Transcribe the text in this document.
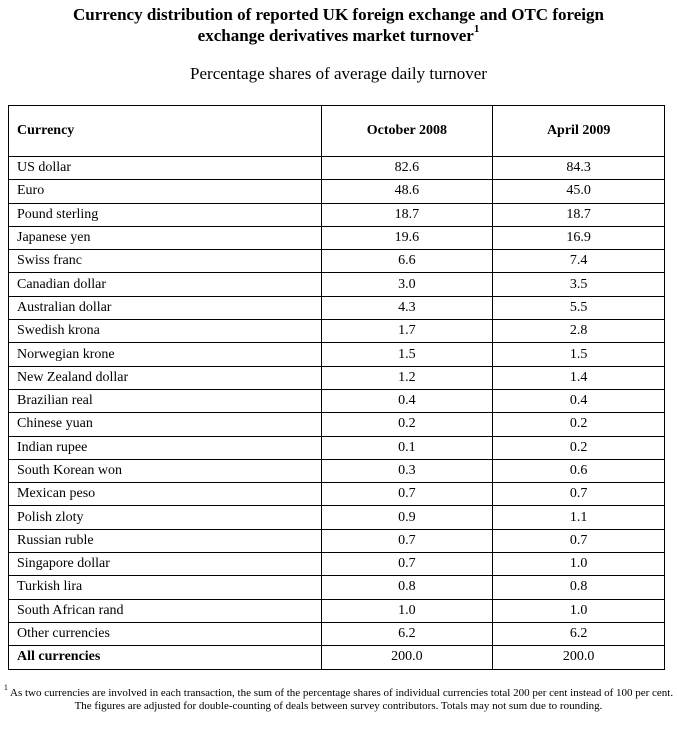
Currency distribution of reported UK foreign exchange and OTC foreign
exchange derivatives market turnover$^1$
Percentage shares of average daily turnover
Currency	October 2008	April 2009
US dollar	82.6	84.3
Euro	48.6	45.0
Pound sterling	18.7	18.7
Japanese yen	19.6	16.9
Swiss franc	6.6	7.4
Canadian dollar	3.0	3.5
Australian dollar	4.3	5.5
Swedish krona	1.7	2.8
Norwegian krone	1.5	1.5
New Zealand dollar	1.2	1.4
Brazilian real	0.4	0.4
Chinese yuan	0.2	0.2
Indian rupee	0.1	0.2
South Korean won	0.3	0.6
Mexican peso	0.7	0.7
Polish zloty	0.9	1.1
Russian ruble	0.7	0.7
Singapore dollar	0.7	1.0
Turkish lira	0.8	0.8
South African rand	1.0	1.0
Other currencies	6.2	6.2
All currencies	200.0	200.0
$^1$ As two currencies are involved in each transaction, the sum of the percentage shares of individual currencies total 200 per cent instead of 100 per cent. The figures are adjusted for double-counting of deals between survey contributors. Totals may not sum due to rounding.
